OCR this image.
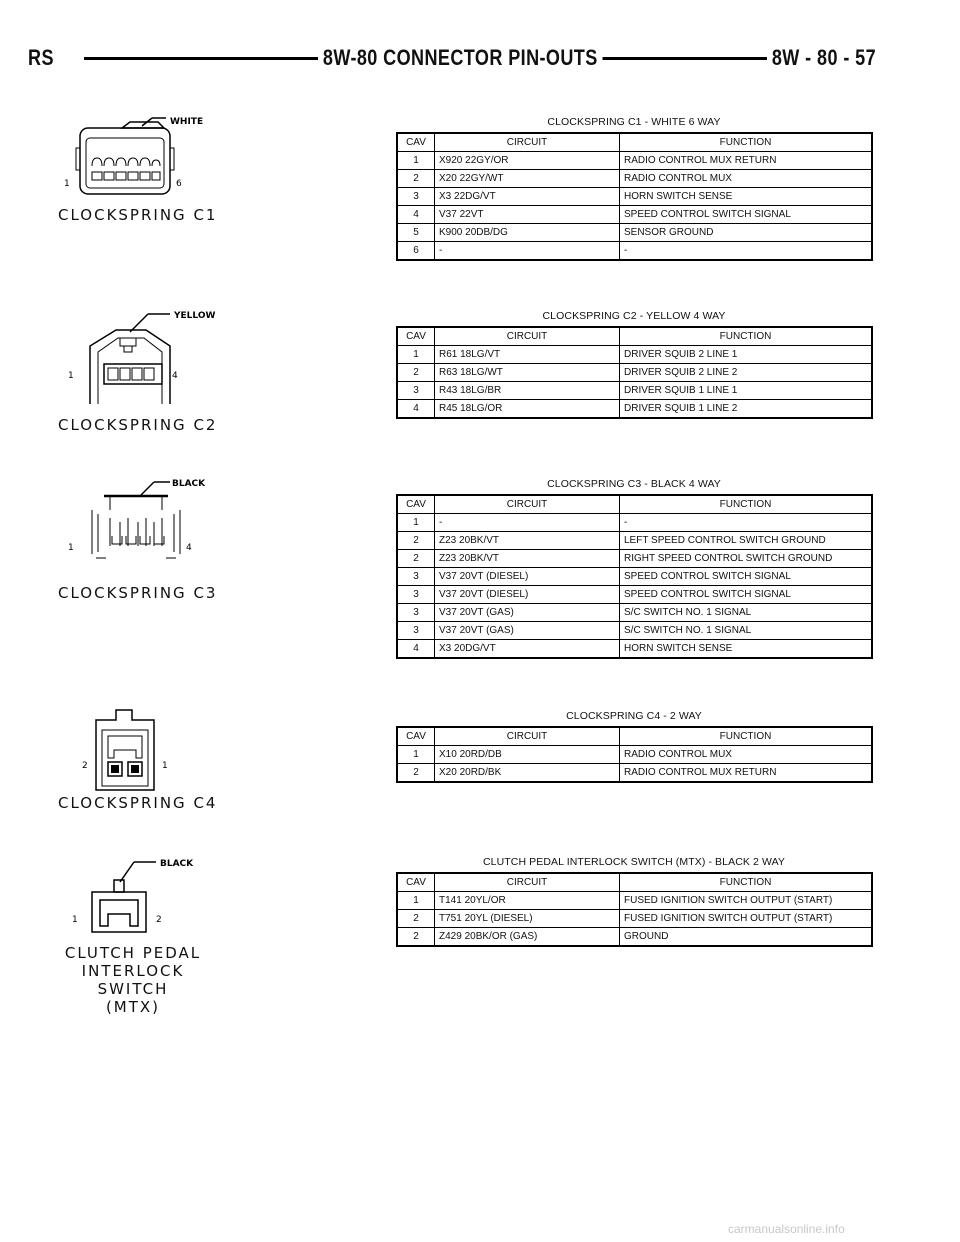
RS	8W-80 CONNECTOR PIN-OUTS	8W - 80 - 57
1	6
WHITE
CLOCKSPRING C1
CLOCKSPRING C1 - WHITE 6 WAY
CAV	CIRCUIT	FUNCTION
1	X920 22GY/OR	RADIO CONTROL MUX RETURN
2	X20 22GY/WT	RADIO CONTROL MUX
3	X3 22DG/VT	HORN SWITCH SENSE
4	V37 22VT	SPEED CONTROL SWITCH SIGNAL
5	K900 20DB/DG	SENSOR GROUND
6	-	-
1	4
YELLOW
CLOCKSPRING C2
CLOCKSPRING C2 - YELLOW 4 WAY
CAV	CIRCUIT	FUNCTION
1	R61 18LG/VT	DRIVER SQUIB 2 LINE 1
2	R63 18LG/WT	DRIVER SQUIB 2 LINE 2
3	R43 18LG/BR	DRIVER SQUIB 1 LINE 1
4	R45 18LG/OR	DRIVER SQUIB 1 LINE 2
1	4
BLACK
CLOCKSPRING C3
CLOCKSPRING C3 - BLACK 4 WAY
CAV	CIRCUIT	FUNCTION
1	-	-
2	Z23 20BK/VT	LEFT SPEED CONTROL SWITCH GROUND
2	Z23 20BK/VT	RIGHT SPEED CONTROL SWITCH GROUND
3	V37 20VT (DIESEL)	SPEED CONTROL SWITCH SIGNAL
3	V37 20VT (DIESEL)	SPEED CONTROL SWITCH SIGNAL
3	V37 20VT (GAS)	S/C SWITCH NO. 1 SIGNAL
3	V37 20VT (GAS)	S/C SWITCH NO. 1 SIGNAL
4	X3 20DG/VT	HORN SWITCH SENSE
2	1
CLOCKSPRING C4
CLOCKSPRING C4 - 2 WAY
CAV	CIRCUIT	FUNCTION
1	X10 20RD/DB	RADIO CONTROL MUX
2	X20 20RD/BK	RADIO CONTROL MUX RETURN
1	2
BLACK
CLUTCH PEDAL
INTERLOCK
SWITCH
(MTX)
CLUTCH PEDAL INTERLOCK SWITCH (MTX) - BLACK 2 WAY
CAV	CIRCUIT	FUNCTION
1	T141 20YL/OR	FUSED IGNITION SWITCH OUTPUT (START)
2	T751 20YL (DIESEL)	FUSED IGNITION SWITCH OUTPUT (START)
2	Z429 20BK/OR (GAS)	GROUND
carmanualsonline.info
